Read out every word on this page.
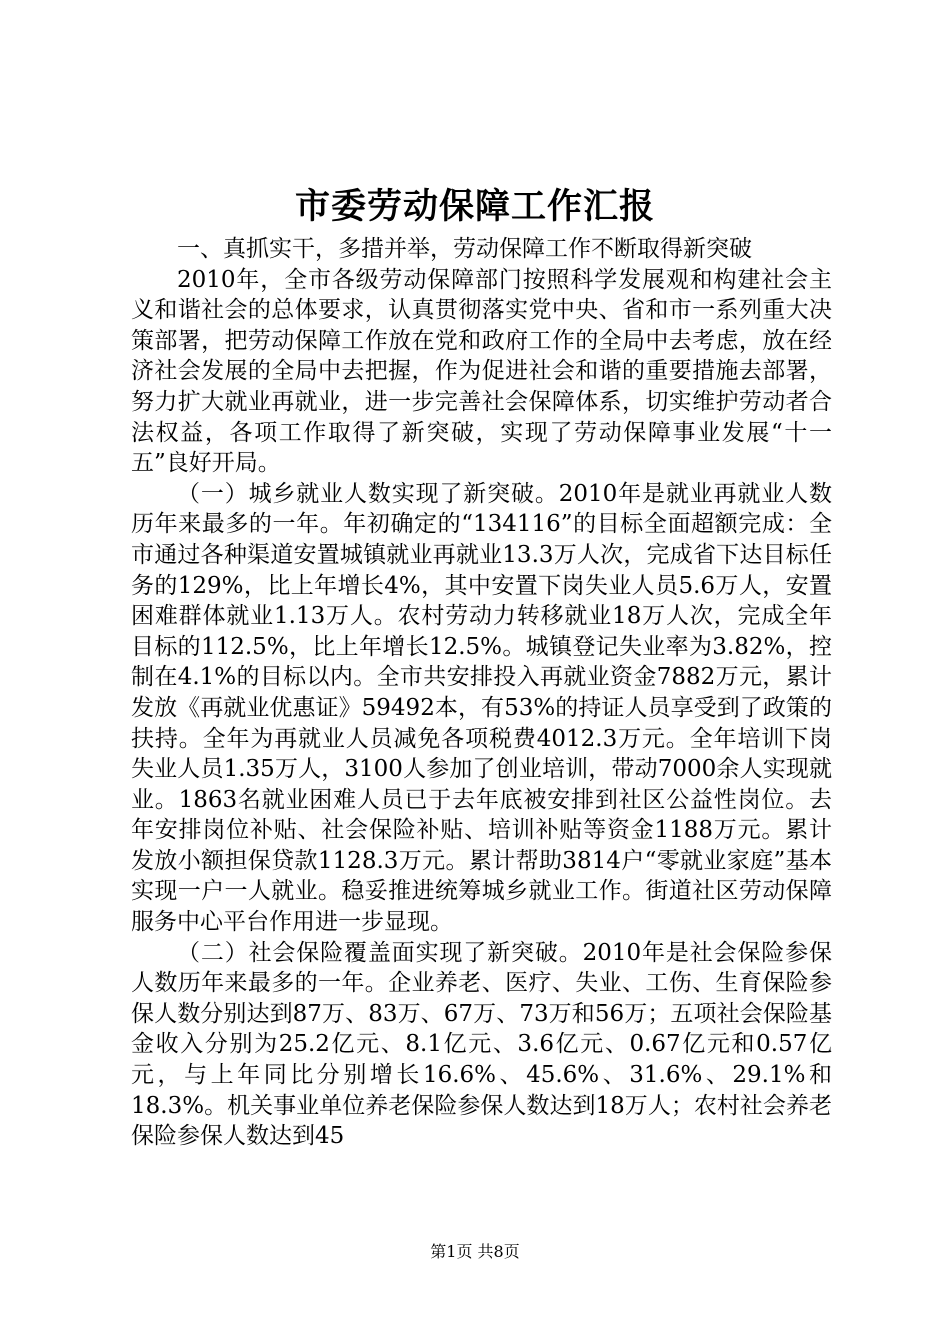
市委劳动保障工作汇报

一、真抓实干，多措并举，劳动保障工作不断取得新突破

2010年，全市各级劳动保障部门按照科学发展观和构建社会主义和谐社会的总体要求，认真贯彻落实党中央、省和市一系列重大决策部署，把劳动保障工作放在党和政府工作的全局中去考虑，放在经济社会发展的全局中去把握，作为促进社会和谐的重要措施去部署，努力扩大就业再就业，进一步完善社会保障体系，切实维护劳动者合法权益，各项工作取得了新突破，实现了劳动保障事业发展“十一五”良好开局。

（一）城乡就业人数实现了新突破。2010年是就业再就业人数历年来最多的一年。年初确定的“134116”的目标全面超额完成：全市通过各种渠道安置城镇就业再就业13.3万人次，完成省下达目标任务的129%，比上年增长4%，其中安置下岗失业人员5.6万人，安置困难群体就业1.13万人。农村劳动力转移就业18万人次，完成全年目标的112.5%，比上年增长12.5%。城镇登记失业率为3.82%，控制在4.1%的目标以内。全市共安排投入再就业资金7882万元，累计发放《再就业优惠证》59492本，有53%的持证人员享受到了政策的扶持。全年为再就业人员减免各项税费4012.3万元。全年培训下岗失业人员1.35万人，3100人参加了创业培训，带动7000余人实现就业。1863名就业困难人员已于去年底被安排到社区公益性岗位。去年安排岗位补贴、社会保险补贴、培训补贴等资金1188万元。累计发放小额担保贷款1128.3万元。累计帮助3814户“零就业家庭”基本实现一户一人就业。稳妥推进统筹城乡就业工作。街道社区劳动保障服务中心平台作用进一步显现。

（二）社会保险覆盖面实现了新突破。2010年是社会保险参保人数历年来最多的一年。企业养老、医疗、失业、工伤、生育保险参保人数分别达到87万、83万、67万、73万和56万；五项社会保险基金收入分别为25.2亿元、8.1亿元、3.6亿元、0.67亿元和0.57亿元，与上年同比分别增长16.6%、45.6%、31.6%、29.1%和18.3%。机关事业单位养老保险参保人数达到18万人；农村社会养老保险参保人数达到45

第1页 共8页
